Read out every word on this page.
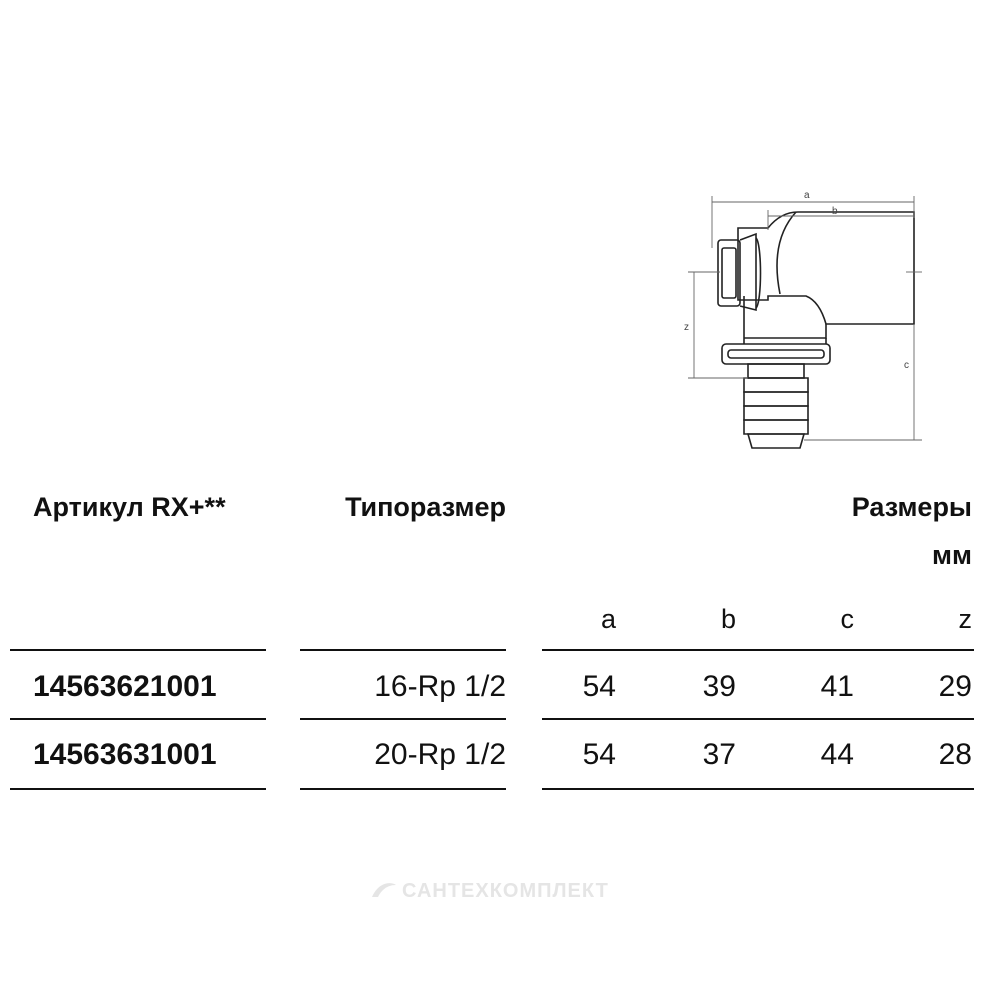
a
b
z
c
Артикул RX+**	Типоразмер	Размеры
мм
a	b	c	z
14563621001	16-Rp 1/2	54	39	41	29
14563631001	20-Rp 1/2	54	37	44	28
САНТЕХКОМПЛЕКТ
